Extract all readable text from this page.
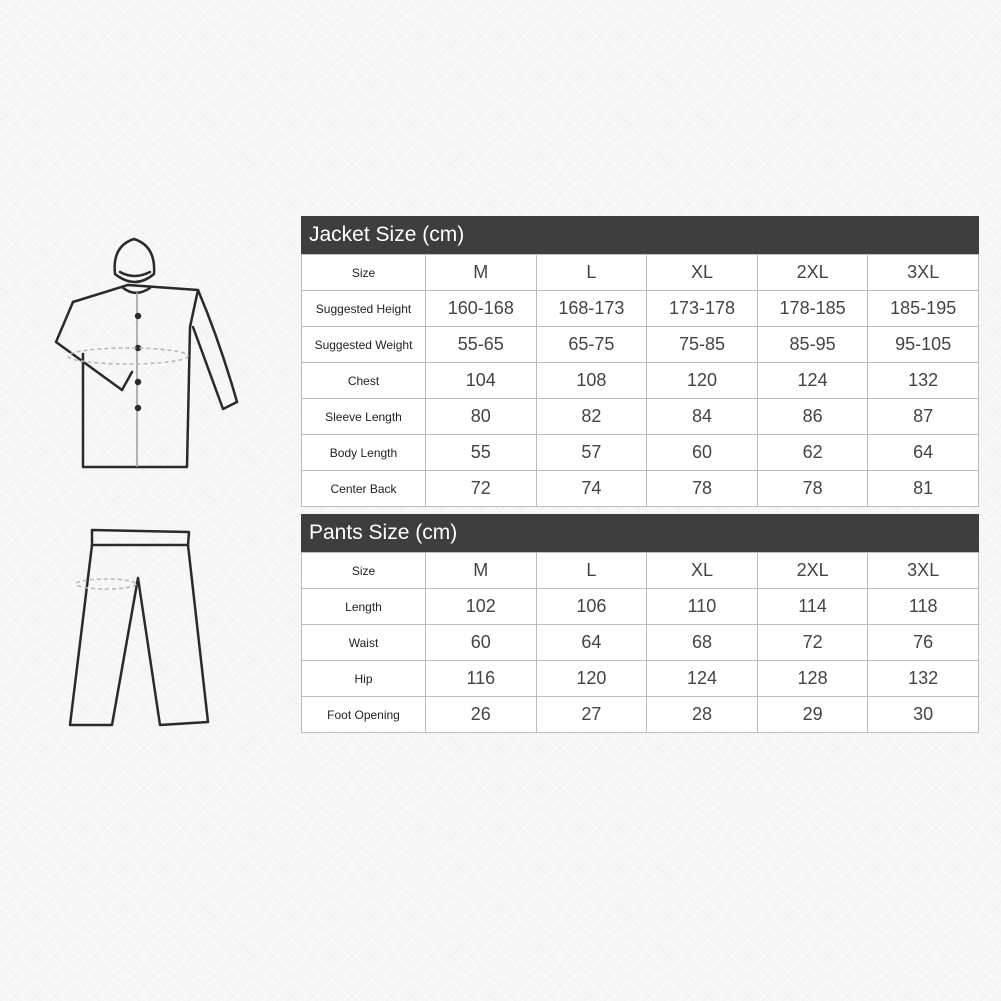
Jacket Size (cm)
Size	M	L	XL	2XL	3XL
Suggested Height	160-168	168-173	173-178	178-185	185-195
Suggested Weight	55-65	65-75	75-85	85-95	95-105
Chest	104	108	120	124	132
Sleeve Length	80	82	84	86	87
Body Length	55	57	60	62	64
Center Back	72	74	78	78	81
Pants Size (cm)
Size	M	L	XL	2XL	3XL
Length	102	106	110	114	118
Waist	60	64	68	72	76
Hip	116	120	124	128	132
Foot Opening	26	27	28	29	30
